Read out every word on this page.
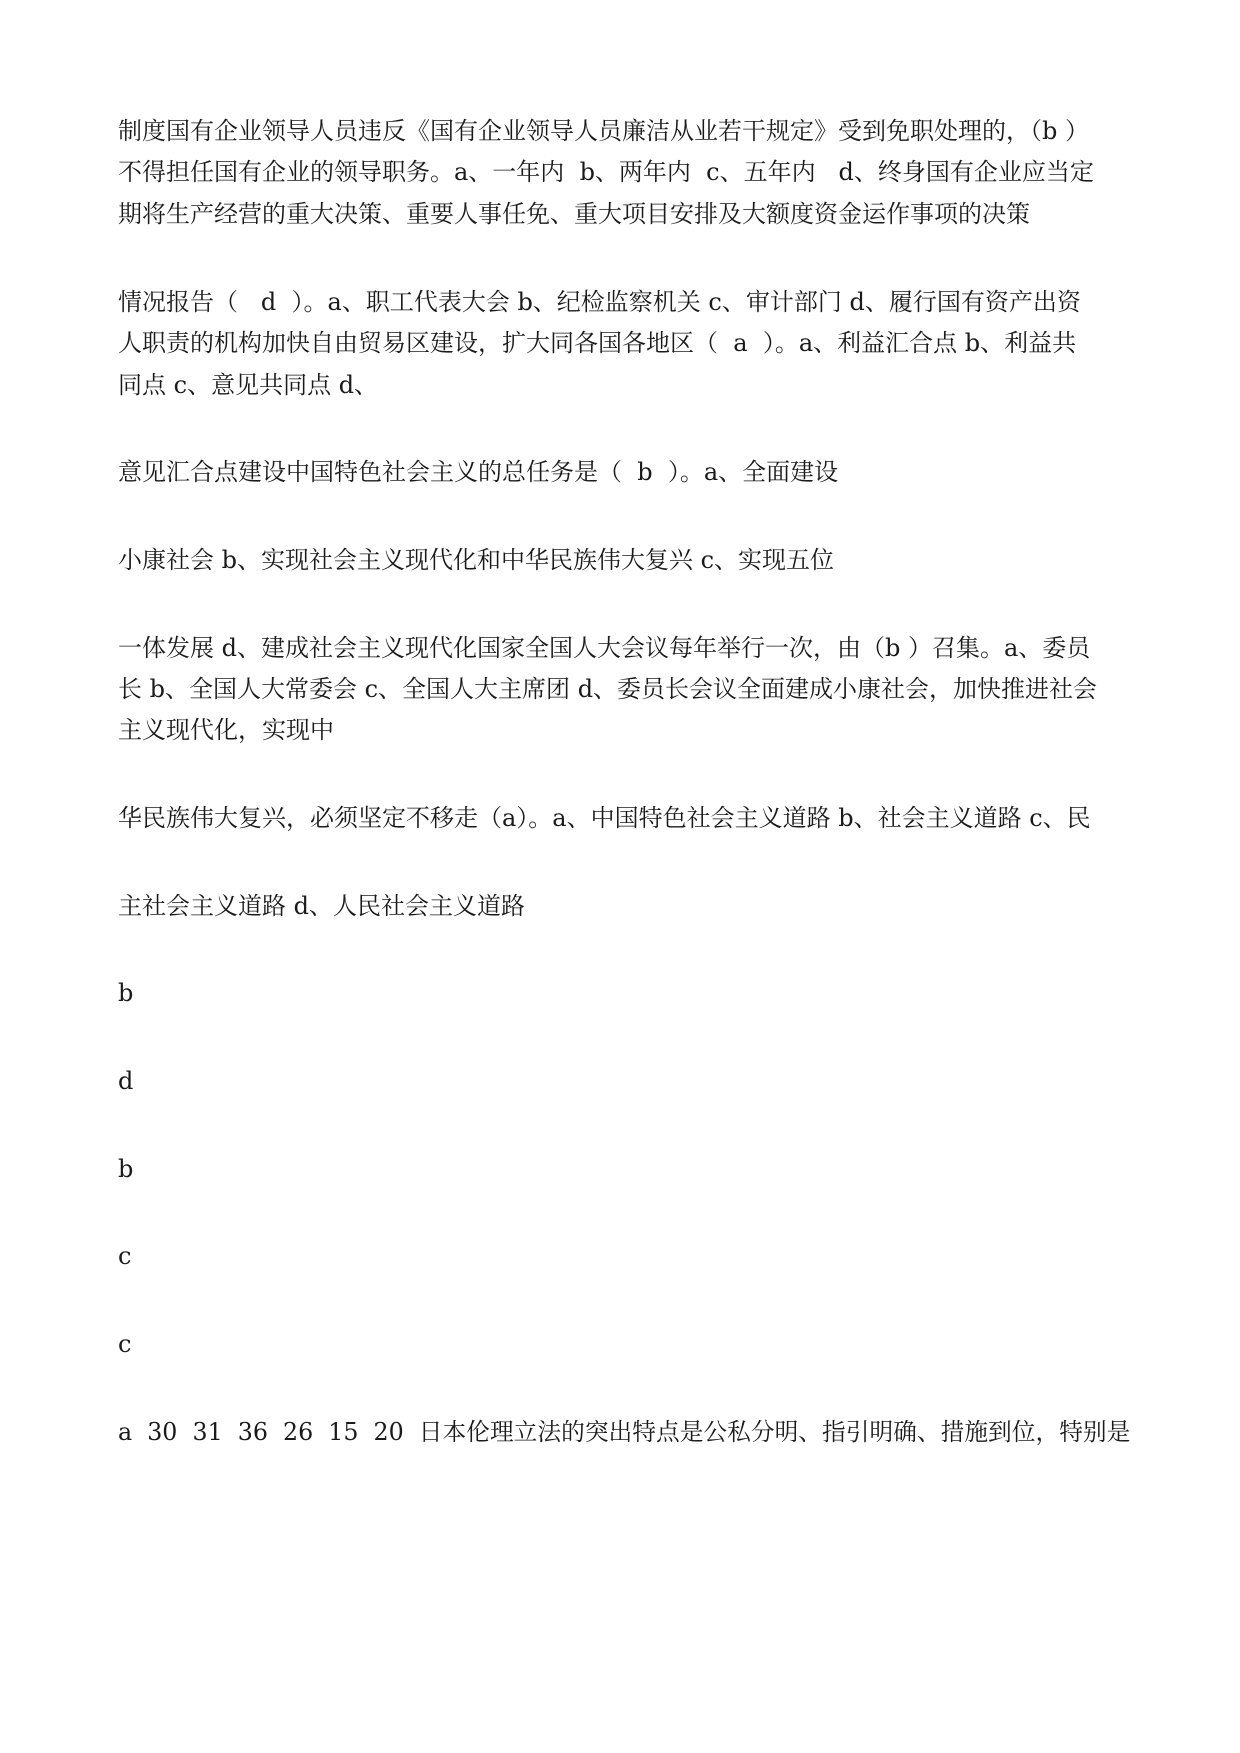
制度国有企业领导人员违反《国有企业领导人员廉洁从业若干规定》受到免职处理的，（b ）
不得担任国有企业的领导职务。a、一年内  b、两年内  c、五年内   d、终身国有企业应当定
期将生产经营的重大决策、重要人事任免、重大项目安排及大额度资金运作事项的决策
情况报告（   d  ）。a、职工代表大会 b、纪检监察机关 c、审计部门 d、履行国有资产出资
人职责的机构加快自由贸易区建设，扩大同各国各地区（  a  ）。a、利益汇合点 b、利益共
同点 c、意见共同点 d、
意见汇合点建设中国特色社会主义的总任务是（  b  ）。a、全面建设
小康社会 b、实现社会主义现代化和中华民族伟大复兴 c、实现五位
一体发展 d、建成社会主义现代化国家全国人大会议每年举行一次，由（b ）召集。a、委员
长 b、全国人大常委会 c、全国人大主席团 d、委员长会议全面建成小康社会，加快推进社会
主义现代化，实现中
华民族伟大复兴，必须坚定不移走（a）。a、中国特色社会主义道路 b、社会主义道路 c、民
主社会主义道路 d、人民社会主义道路
b
d
b
c
c
a  30  31  36  26  15  20  日本伦理立法的突出特点是公私分明、指引明确、措施到位，特别是
